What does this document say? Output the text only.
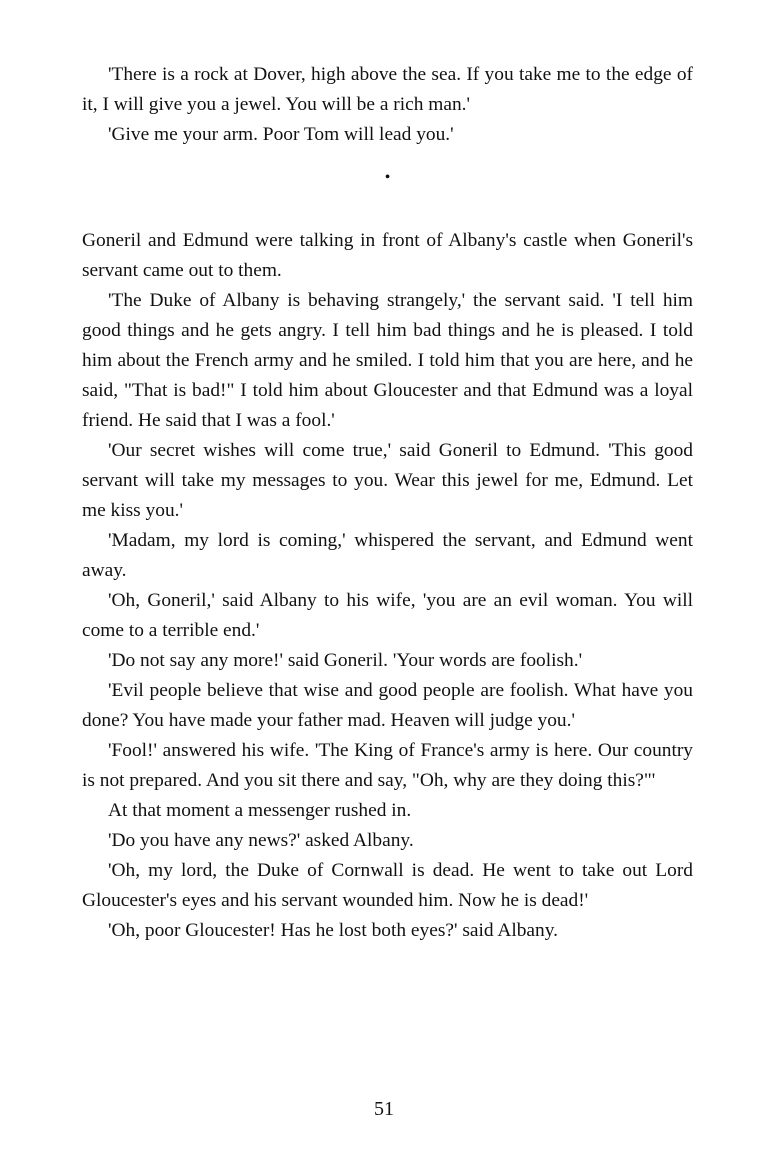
'There is a rock at Dover, high above the sea. If you take me to the edge of it, I will give you a jewel. You will be a rich man.'

'Give me your arm. Poor Tom will lead you.'

•

Goneril and Edmund were talking in front of Albany's castle when Goneril's servant came out to them.

'The Duke of Albany is behaving strangely,' the servant said. 'I tell him good things and he gets angry. I tell him bad things and he is pleased. I told him about the French army and he smiled. I told him that you are here, and he said, "That is bad!" I told him about Gloucester and that Edmund was a loyal friend. He said that I was a fool.'

'Our secret wishes will come true,' said Goneril to Edmund. 'This good servant will take my messages to you. Wear this jewel for me, Edmund. Let me kiss you.'

'Madam, my lord is coming,' whispered the servant, and Edmund went away.

'Oh, Goneril,' said Albany to his wife, 'you are an evil woman. You will come to a terrible end.'

'Do not say any more!' said Goneril. 'Your words are foolish.'

'Evil people believe that wise and good people are foolish. What have you done? You have made your father mad. Heaven will judge you.'

'Fool!' answered his wife. 'The King of France's army is here. Our country is not prepared. And you sit there and say, "Oh, why are they doing this?"'

At that moment a messenger rushed in.

'Do you have any news?' asked Albany.

'Oh, my lord, the Duke of Cornwall is dead. He went to take out Lord Gloucester's eyes and his servant wounded him. Now he is dead!'

'Oh, poor Gloucester! Has he lost both eyes?' said Albany.

51
